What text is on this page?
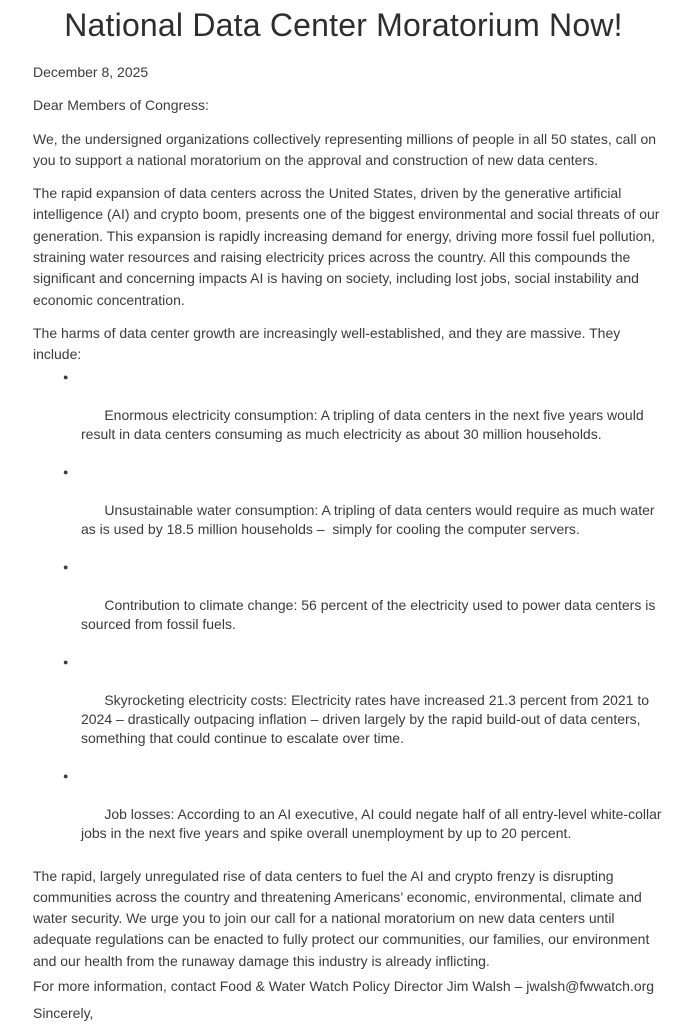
National Data Center Moratorium Now!

December 8, 2025

Dear Members of Congress:

We, the undersigned organizations collectively representing millions of people in all 50 states, call on you to support a national moratorium on the approval and construction of new data centers.

The rapid expansion of data centers across the United States, driven by the generative artificial intelligence (AI) and crypto boom, presents one of the biggest environmental and social threats of our generation. This expansion is rapidly increasing demand for energy, driving more fossil fuel pollution, straining water resources and raising electricity prices across the country. All this compounds the significant and concerning impacts AI is having on society, including lost jobs, social instability and economic concentration.

The harms of data center growth are increasingly well-established, and they are massive. They include:

●

Enormous electricity consumption: A tripling of data centers in the next five years would result in data centers consuming as much electricity as about 30 million households.

●

Unsustainable water consumption: A tripling of data centers would require as much water as is used by 18.5 million households –  simply for cooling the computer servers.

●

Contribution to climate change: 56 percent of the electricity used to power data centers is sourced from fossil fuels.

●

Skyrocketing electricity costs: Electricity rates have increased 21.3 percent from 2021 to 2024 – drastically outpacing inflation – driven largely by the rapid build-out of data centers, something that could continue to escalate over time.

●

Job losses: According to an AI executive, AI could negate half of all entry-level white-collar jobs in the next five years and spike overall unemployment by up to 20 percent.

The rapid, largely unregulated rise of data centers to fuel the AI and crypto frenzy is disrupting communities across the country and threatening Americans’ economic, environmental, climate and water security. We urge you to join our call for a national moratorium on new data centers until adequate regulations can be enacted to fully protect our communities, our families, our environment and our health from the runaway damage this industry is already inflicting.

For more information, contact Food & Water Watch Policy Director Jim Walsh – jwalsh@fwwatch.org

Sincerely,
